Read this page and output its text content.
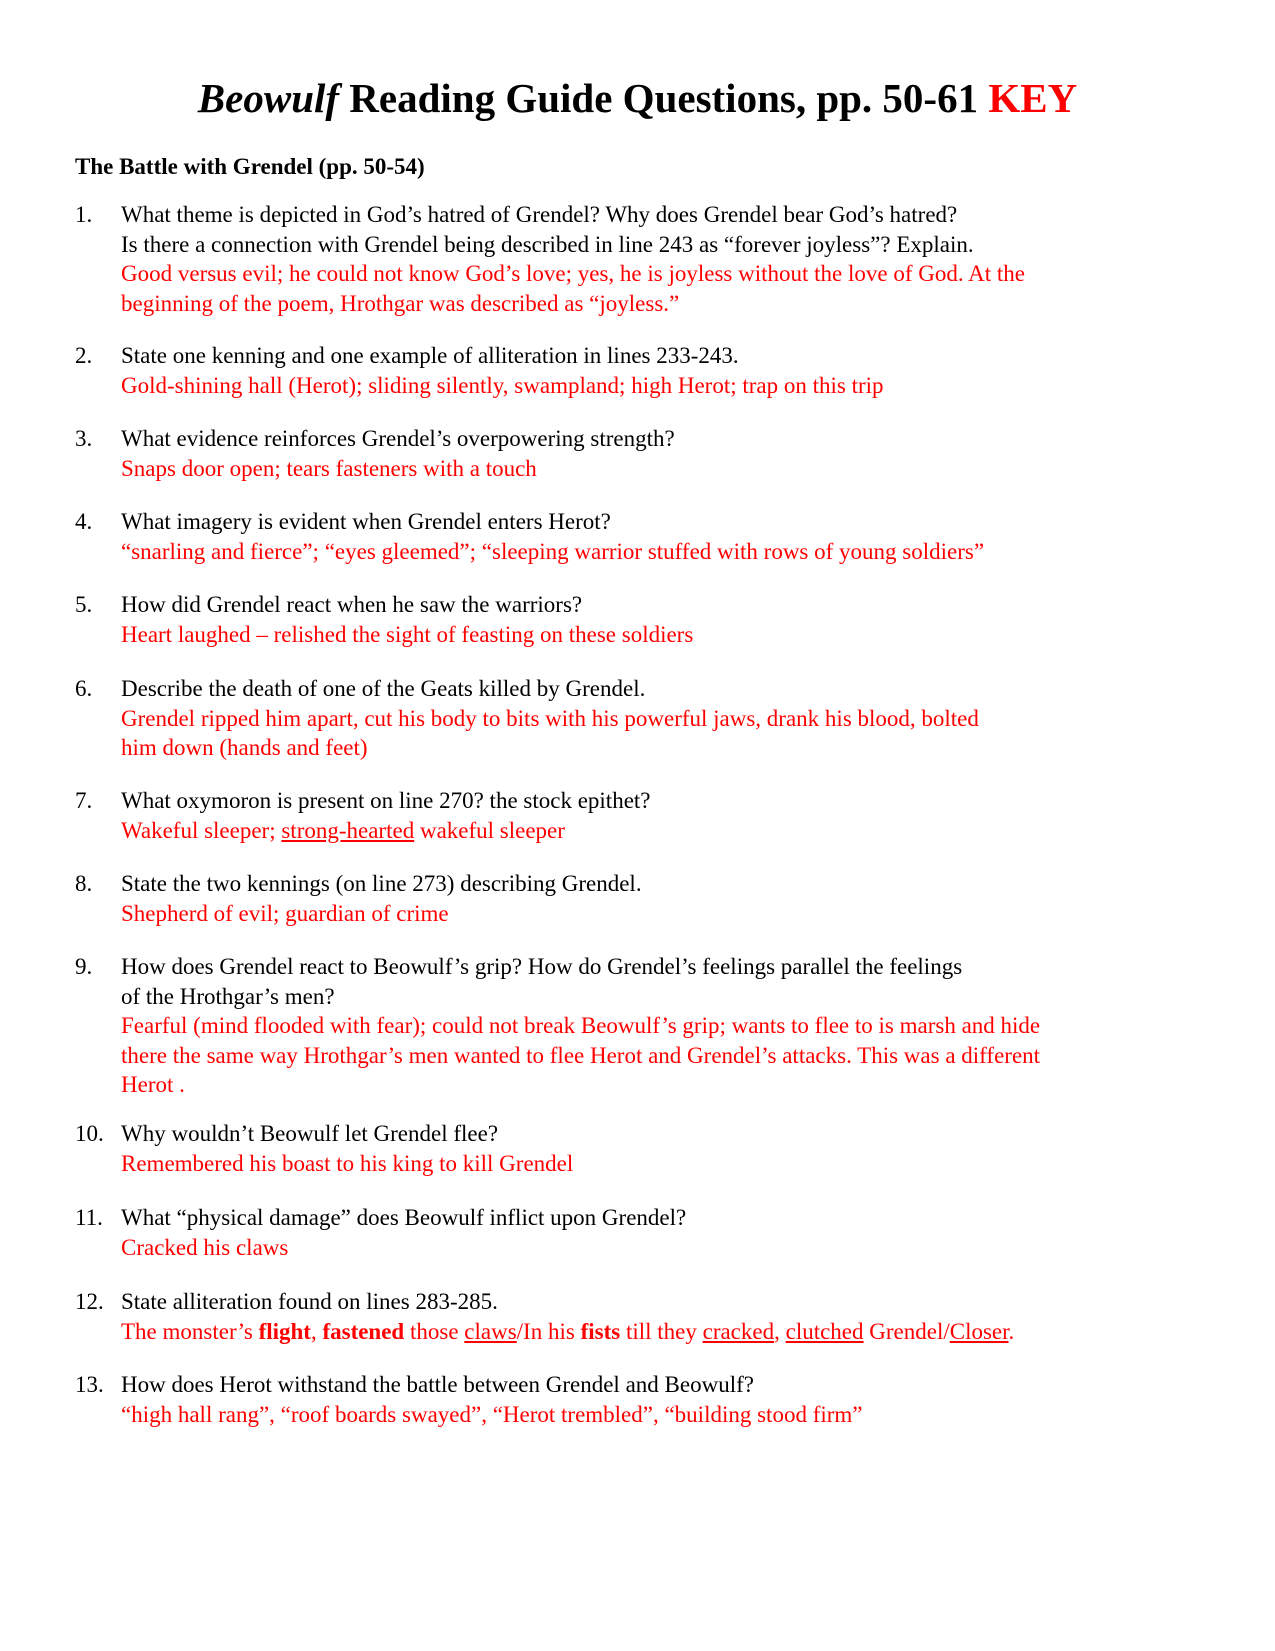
Beowulf Reading Guide Questions, pp. 50-61 KEY
The Battle with Grendel (pp. 50-54)
1. What theme is depicted in God’s hatred of Grendel? Why does Grendel bear God’s hatred?
Is there a connection with Grendel being described in line 243 as “forever joyless”? Explain.
Good versus evil; he could not know God’s love; yes, he is joyless without the love of God. At the
beginning of the poem, Hrothgar was described as “joyless.”
2. State one kenning and one example of alliteration in lines 233-243.
Gold-shining hall (Herot); sliding silently, swampland; high Herot; trap on this trip
3. What evidence reinforces Grendel’s overpowering strength?
Snaps door open; tears fasteners with a touch
4. What imagery is evident when Grendel enters Herot?
“snarling and fierce”; “eyes gleemed”; “sleeping warrior stuffed with rows of young soldiers”
5. How did Grendel react when he saw the warriors?
Heart laughed – relished the sight of feasting on these soldiers
6. Describe the death of one of the Geats killed by Grendel.
Grendel ripped him apart, cut his body to bits with his powerful jaws, drank his blood, bolted
him down (hands and feet)
7. What oxymoron is present on line 270? the stock epithet?
Wakeful sleeper; strong-hearted wakeful sleeper
8. State the two kennings (on line 273) describing Grendel.
Shepherd of evil; guardian of crime
9. How does Grendel react to Beowulf’s grip? How do Grendel’s feelings parallel the feelings
of the Hrothgar’s men?
Fearful (mind flooded with fear); could not break Beowulf’s grip; wants to flee to is marsh and hide
there the same way Hrothgar’s men wanted to flee Herot and Grendel’s attacks. This was a different
Herot .
10. Why wouldn’t Beowulf let Grendel flee?
Remembered his boast to his king to kill Grendel
11. What “physical damage” does Beowulf inflict upon Grendel?
Cracked his claws
12. State alliteration found on lines 283-285.
The monster’s flight, fastened those claws/In his fists till they cracked, clutched Grendel/Closer.
13. How does Herot withstand the battle between Grendel and Beowulf?
“high hall rang”, “roof boards swayed”, “Herot trembled”, “building stood firm”
